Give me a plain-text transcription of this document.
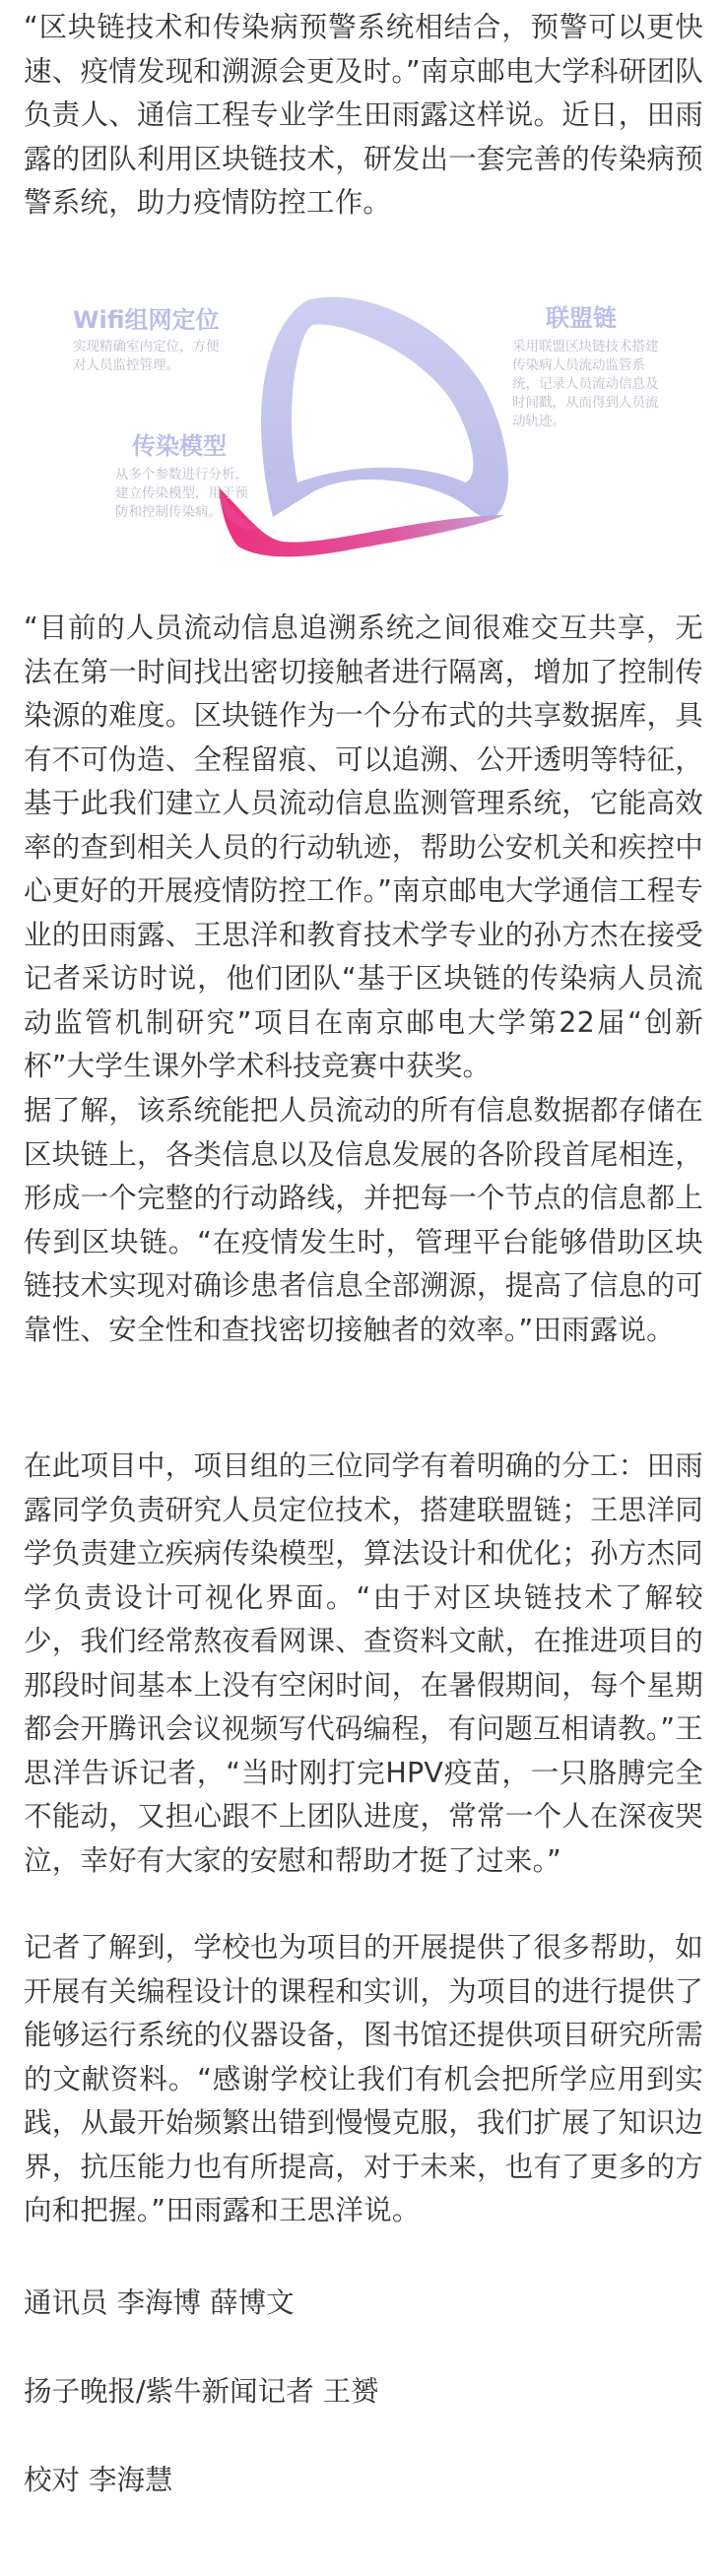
“区块链技术和传染病预警系统相结合，预警可以更快速、疫情发现和溯源会更及时。”南京邮电大学科研团队负责人、通信工程专业学生田雨露这样说。近日，田雨露的团队利用区块链技术，研发出一套完善的传染病预警系统，助力疫情防控工作。

Wifi组网定位

实现精确室内定位，方便对人员监控管理。

传染模型

从多个参数进行分析，建立传染模型，用于预防和控制传染病。

联盟链

采用联盟区块链技术搭建传染病人员流动监管系统，记录人员流动信息及时间戳，从而得到人员流动轨迹。

“目前的人员流动信息追溯系统之间很难交互共享，无法在第一时间找出密切接触者进行隔离，增加了控制传染源的难度。区块链作为一个分布式的共享数据库，具有不可伪造、全程留痕、可以追溯、公开透明等特征，基于此我们建立人员流动信息监测管理系统，它能高效率的查到相关人员的行动轨迹，帮助公安机关和疾控中心更好的开展疫情防控工作。”南京邮电大学通信工程专业的田雨露、王思洋和教育技术学专业的孙方杰在接受记者采访时说，他们团队“基于区块链的传染病人员流动监管机制研究”项目在南京邮电大学第22届“创新杯”大学生课外学术科技竞赛中获奖。

据了解，该系统能把人员流动的所有信息数据都存储在区块链上，各类信息以及信息发展的各阶段首尾相连，形成一个完整的行动路线，并把每一个节点的信息都上传到区块链。“在疫情发生时，管理平台能够借助区块链技术实现对确诊患者信息全部溯源，提高了信息的可靠性、安全性和查找密切接触者的效率。”田雨露说。

在此项目中，项目组的三位同学有着明确的分工：田雨露同学负责研究人员定位技术，搭建联盟链；王思洋同学负责建立疾病传染模型，算法设计和优化；孙方杰同学负责设计可视化界面。“由于对区块链技术了解较少，我们经常熬夜看网课、查资料文献，在推进项目的那段时间基本上没有空闲时间，在暑假期间，每个星期都会开腾讯会议视频写代码编程，有问题互相请教。”王思洋告诉记者，“当时刚打完HPV疫苗，一只胳膊完全不能动，又担心跟不上团队进度，常常一个人在深夜哭泣，幸好有大家的安慰和帮助才挺了过来。”

记者了解到，学校也为项目的开展提供了很多帮助，如开展有关编程设计的课程和实训，为项目的进行提供了能够运行系统的仪器设备，图书馆还提供项目研究所需的文献资料。“感谢学校让我们有机会把所学应用到实践，从最开始频繁出错到慢慢克服，我们扩展了知识边界，抗压能力也有所提高，对于未来，也有了更多的方向和把握。”田雨露和王思洋说。

通讯员 李海博 薛博文

扬子晚报/紫牛新闻记者 王赟

校对 李海慧
